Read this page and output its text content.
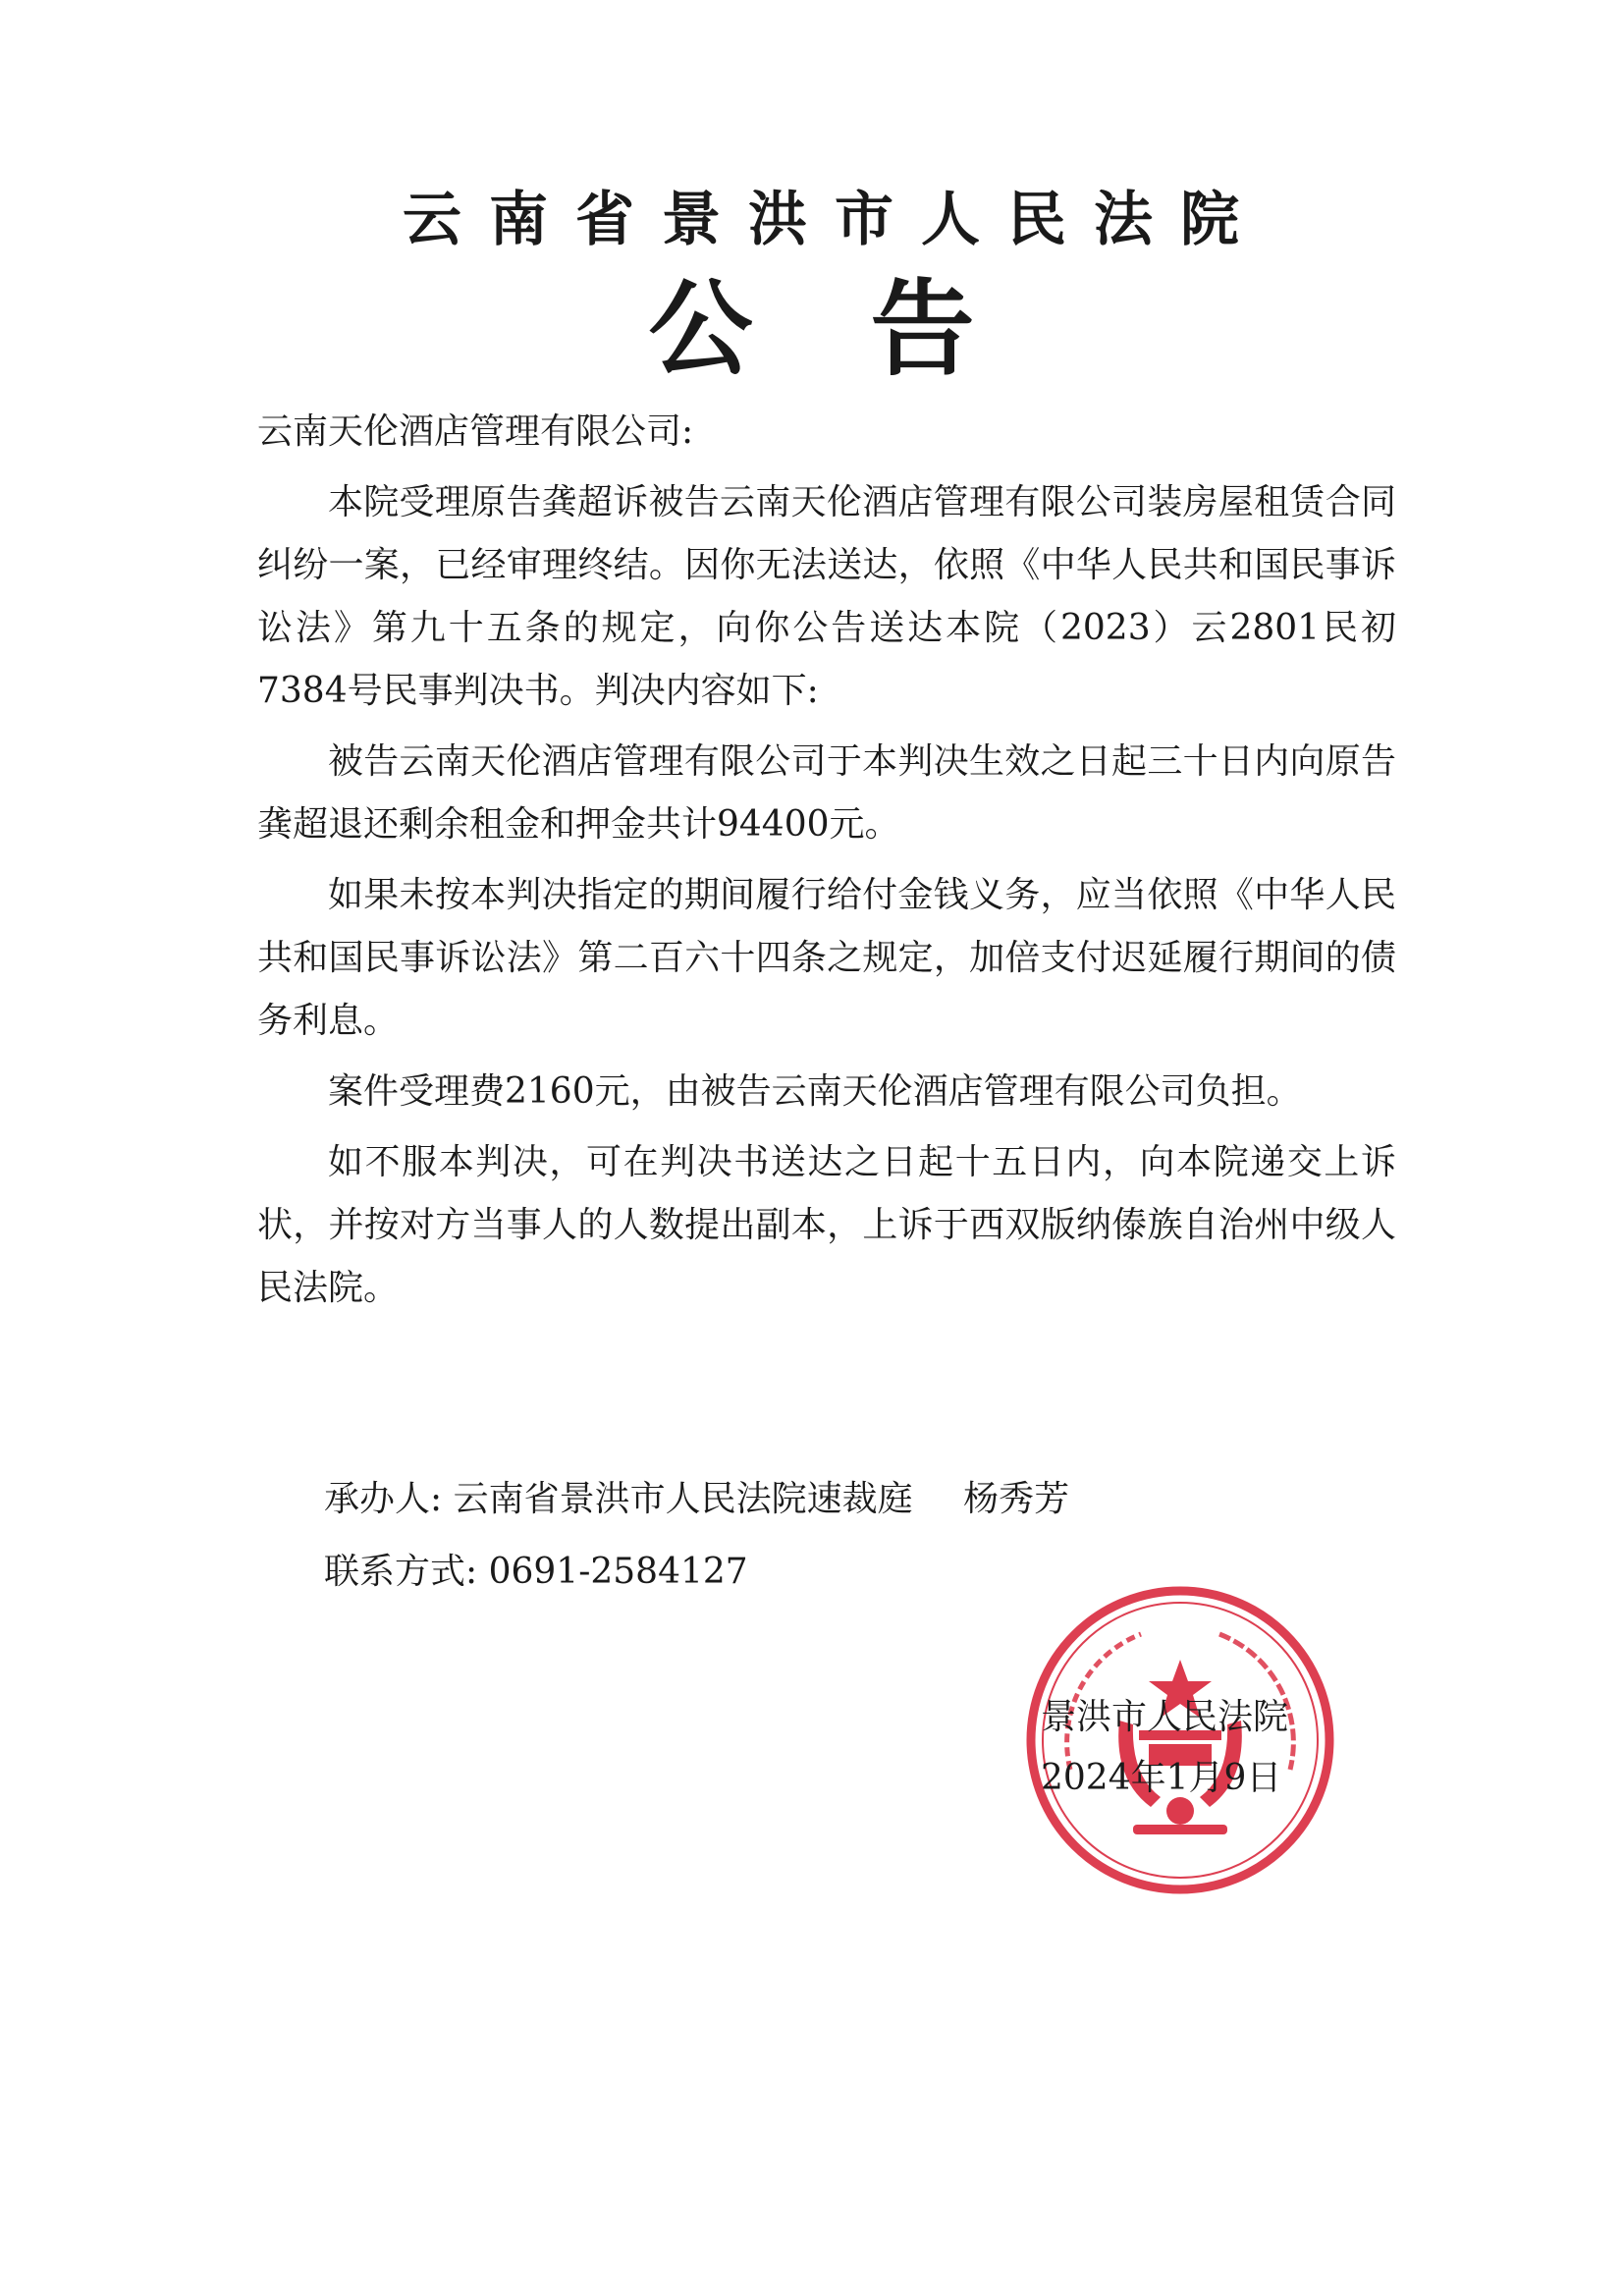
云南省景洪市人民法院
公告

云南天伦酒店管理有限公司:

本院受理原告龚超诉被告云南天伦酒店管理有限公司装房屋租赁合同纠纷一案，已经审理终结。因你无法送达，依照《中华人民共和国民事诉讼法》第九十五条的规定，向你公告送达本院（2023）云2801民初7384号民事判决书。判决内容如下:

被告云南天伦酒店管理有限公司于本判决生效之日起三十日内向原告龚超退还剩余租金和押金共计94400元。

如果未按本判决指定的期间履行给付金钱义务，应当依照《中华人民共和国民事诉讼法》第二百六十四条之规定，加倍支付迟延履行期间的债务利息。

案件受理费2160元，由被告云南天伦酒店管理有限公司负担。

如不服本判决，可在判决书送达之日起十五日内，向本院递交上诉状，并按对方当事人的人数提出副本，上诉于西双版纳傣族自治州中级人民法院。

承办人: 云南省景洪市人民法院速裁庭 杨秀芳
联系方式: 0691-2584127
景洪市人民法院
2024年1月9日
